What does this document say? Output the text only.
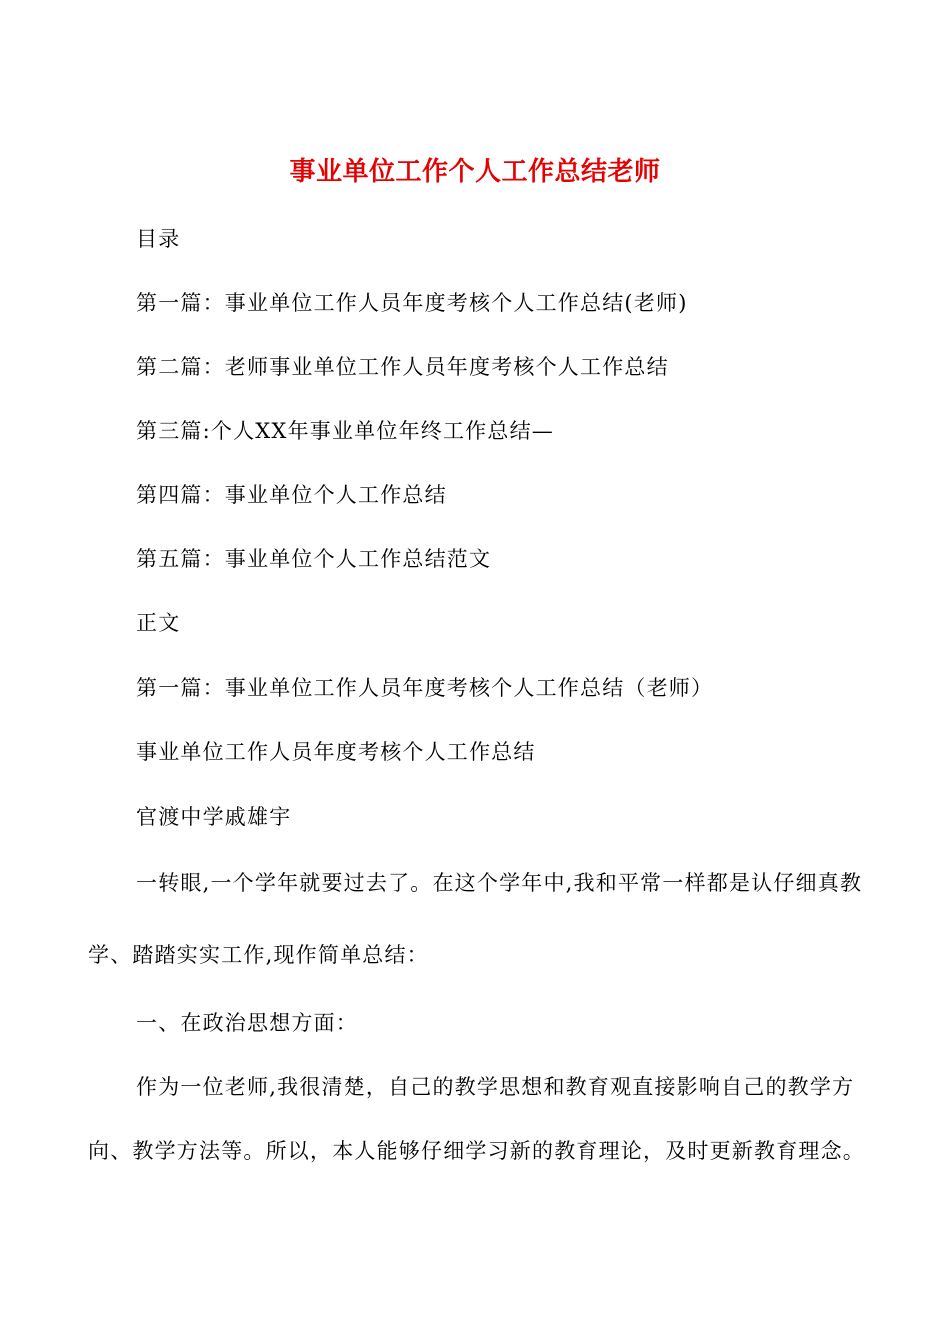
事业单位工作个人工作总结老师
目录
第一篇：事业单位工作人员年度考核个人工作总结(老师)
第二篇：老师事业单位工作人员年度考核个人工作总结
第三篇:个人XX年事业单位年终工作总结—
第四篇：事业单位个人工作总结
第五篇：事业单位个人工作总结范文
正文
第一篇：事业单位工作人员年度考核个人工作总结（老师）
事业单位工作人员年度考核个人工作总结
官渡中学戚雄宇
一转眼,一个学年就要过去了。在这个学年中,我和平常一样都是认仔细真教
学、踏踏实实工作,现作简单总结：
一、在政治思想方面：
作为一位老师,我很清楚，自己的教学思想和教育观直接影响自己的教学方
向、教学方法等。所以，本人能够仔细学习新的教育理论，及时更新教育理念。
